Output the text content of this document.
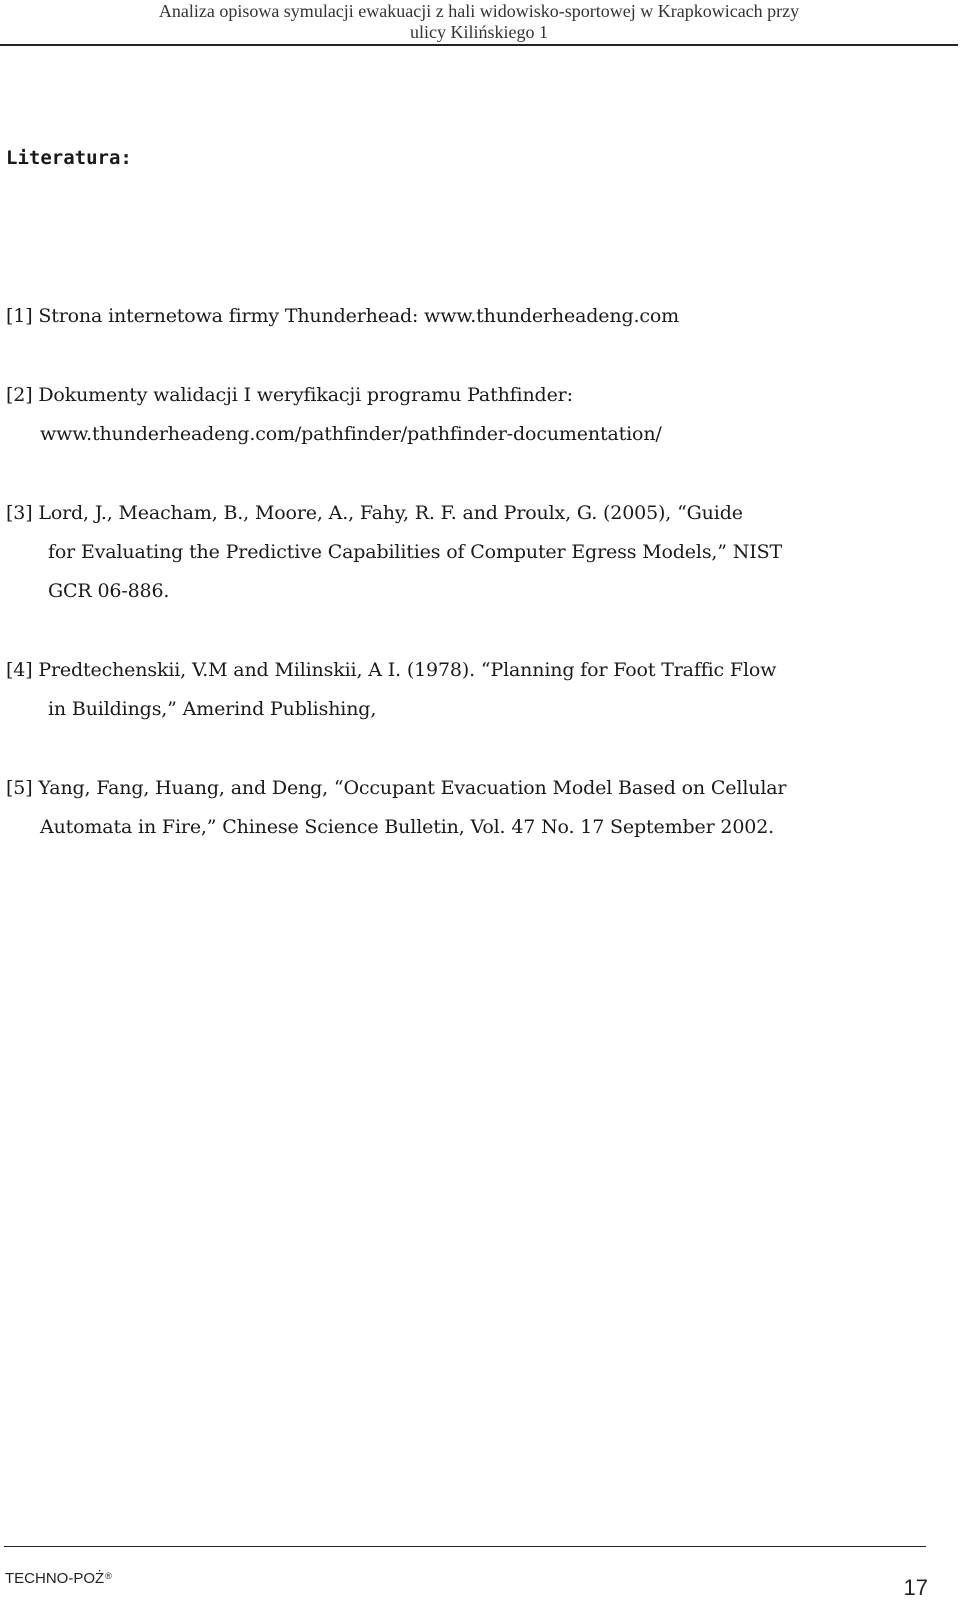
Analiza opisowa symulacji ewakuacji z hali widowisko-sportowej w Krapkowicach przy
ulicy Kilińskiego 1
Literatura:
[1] Strona internetowa firmy Thunderhead: www.thunderheadeng.com
[2] Dokumenty walidacji I weryfikacji programu Pathfinder:
www.thunderheadeng.com/pathfinder/pathfinder-documentation/
[3] Lord, J., Meacham, B., Moore, A., Fahy, R. F. and Proulx, G. (2005), “Guide
for Evaluating the Predictive Capabilities of Computer Egress Models,” NIST
GCR 06-886.
[4] Predtechenskii, V.M and Milinskii, A I. (1978). “Planning for Foot Traffic Flow
in Buildings,” Amerind Publishing,
[5] Yang, Fang, Huang, and Deng, “Occupant Evacuation Model Based on Cellular
Automata in Fire,” Chinese Science Bulletin, Vol. 47 No. 17 September 2002.
TECHNO-POŻ®	17
